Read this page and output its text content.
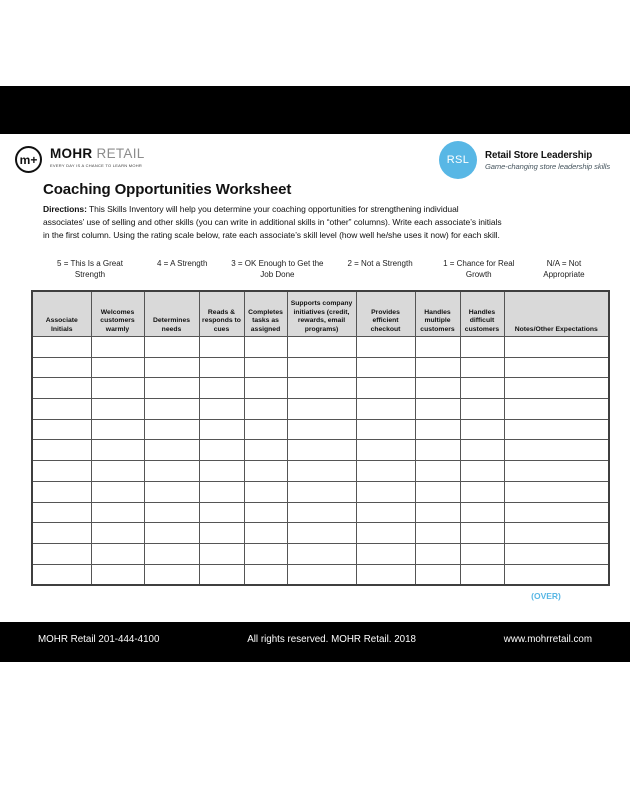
m+ MOHR RETAIL
EVERY DAY IS A CHANCE TO LEARN MOHR	RSL Retail Store Leadership
Game-changing store leadership skills
Coaching Opportunities Worksheet
Directions: This Skills Inventory will help you determine your coaching opportunities for strengthening individual
associates’ use of selling and other skills (you can write in additional skills in “other” columns). Write each associate’s initials
in the first column. Using the rating scale below, rate each associate’s skill level (how well he/she uses it now) for each skill.
5 = This Is a Great Strength
4 = A Strength	3 = OK Enough to Get the Job Done
2 = Not a Strength	1 = Chance for Real Growth
N/A = Not Appropriate
Associate Initials	Welcomes customers warmly	Determines needs	Reads & responds to cues	Completes tasks as assigned	Supports company initiatives (credit, rewards, email programs)	Provides efficient checkout	Handles multiple customers	Handles difficult customers	Notes/Other Expectations

(OVER)
MOHR Retail 201-444-4100	All rights reserved. MOHR Retail. 2018	www.mohrretail.com
